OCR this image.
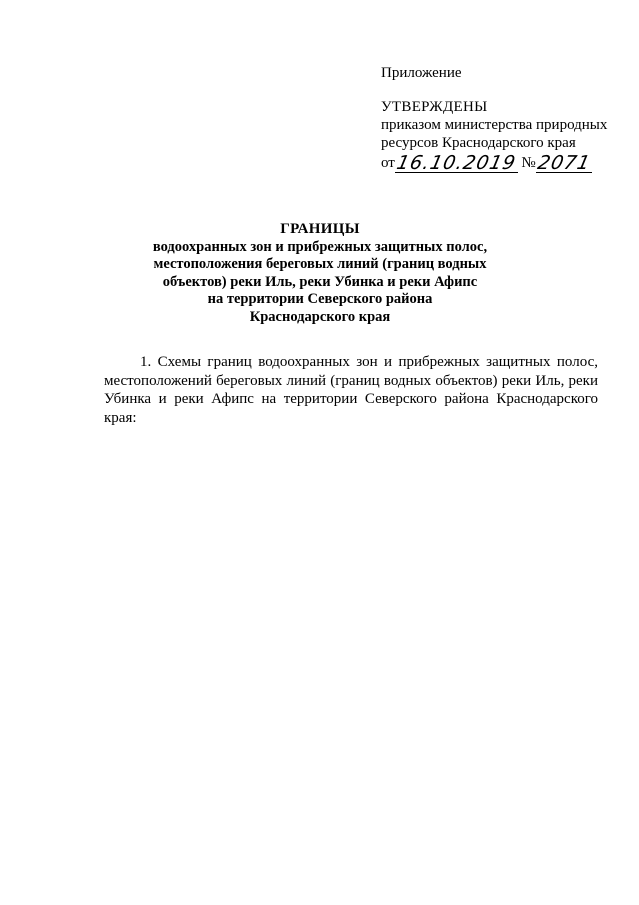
Приложение
УТВЕРЖДЕНЫ
приказом министерства природных
ресурсов Краснодарского края
от16.10.2019 №2071
ГРАНИЦЫ
водоохранных зон и прибрежных защитных полос,
местоположения береговых линий (границ водных
объектов) реки Иль, реки Убинка и реки Афипс
на территории Северского района
Краснодарского края
1. Схемы границ водоохранных зон и прибрежных защитных полос, местоположений береговых линий (границ водных объектов) реки Иль, реки Убинка и реки Афипс на территории Северского района Краснодарского края:
